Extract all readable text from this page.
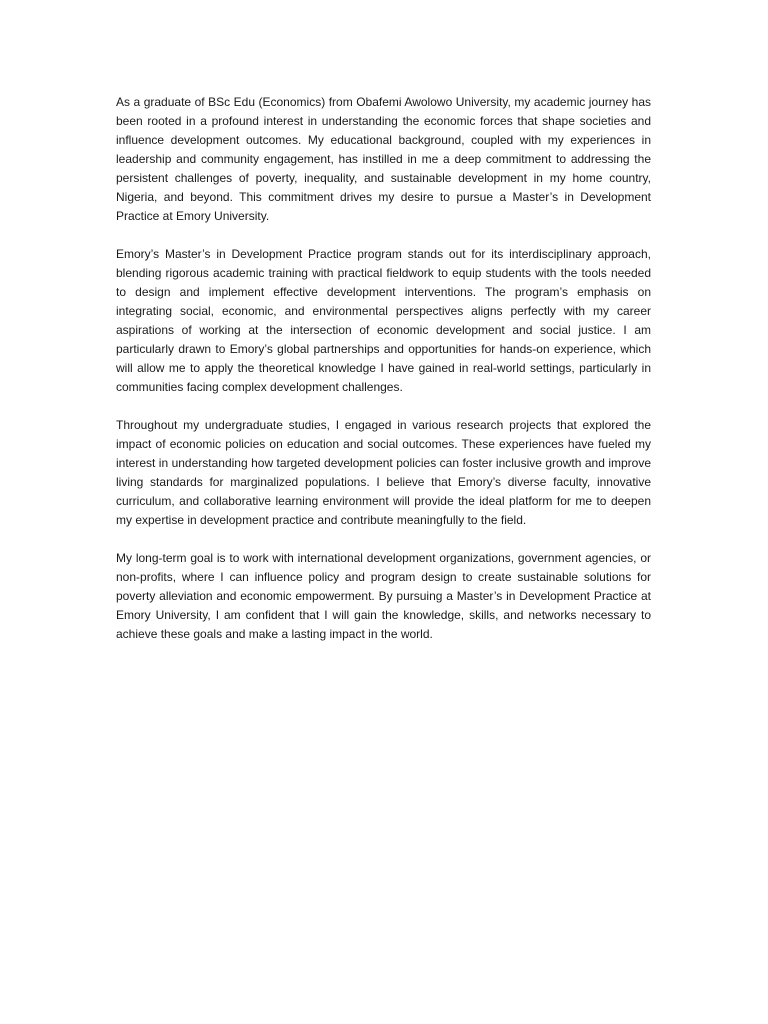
As a graduate of BSc Edu (Economics) from Obafemi Awolowo University, my academic journey has been rooted in a profound interest in understanding the economic forces that shape societies and influence development outcomes. My educational background, coupled with my experiences in leadership and community engagement, has instilled in me a deep commitment to addressing the persistent challenges of poverty, inequality, and sustainable development in my home country, Nigeria, and beyond. This commitment drives my desire to pursue a Master’s in Development Practice at Emory University.

Emory’s Master’s in Development Practice program stands out for its interdisciplinary approach, blending rigorous academic training with practical fieldwork to equip students with the tools needed to design and implement effective development interventions. The program’s emphasis on integrating social, economic, and environmental perspectives aligns perfectly with my career aspirations of working at the intersection of economic development and social justice. I am particularly drawn to Emory’s global partnerships and opportunities for hands-on experience, which will allow me to apply the theoretical knowledge I have gained in real-world settings, particularly in communities facing complex development challenges.

Throughout my undergraduate studies, I engaged in various research projects that explored the impact of economic policies on education and social outcomes. These experiences have fueled my interest in understanding how targeted development policies can foster inclusive growth and improve living standards for marginalized populations. I believe that Emory’s diverse faculty, innovative curriculum, and collaborative learning environment will provide the ideal platform for me to deepen my expertise in development practice and contribute meaningfully to the field.

My long-term goal is to work with international development organizations, government agencies, or non-profits, where I can influence policy and program design to create sustainable solutions for poverty alleviation and economic empowerment. By pursuing a Master’s in Development Practice at Emory University, I am confident that I will gain the knowledge, skills, and networks necessary to achieve these goals and make a lasting impact in the world.
